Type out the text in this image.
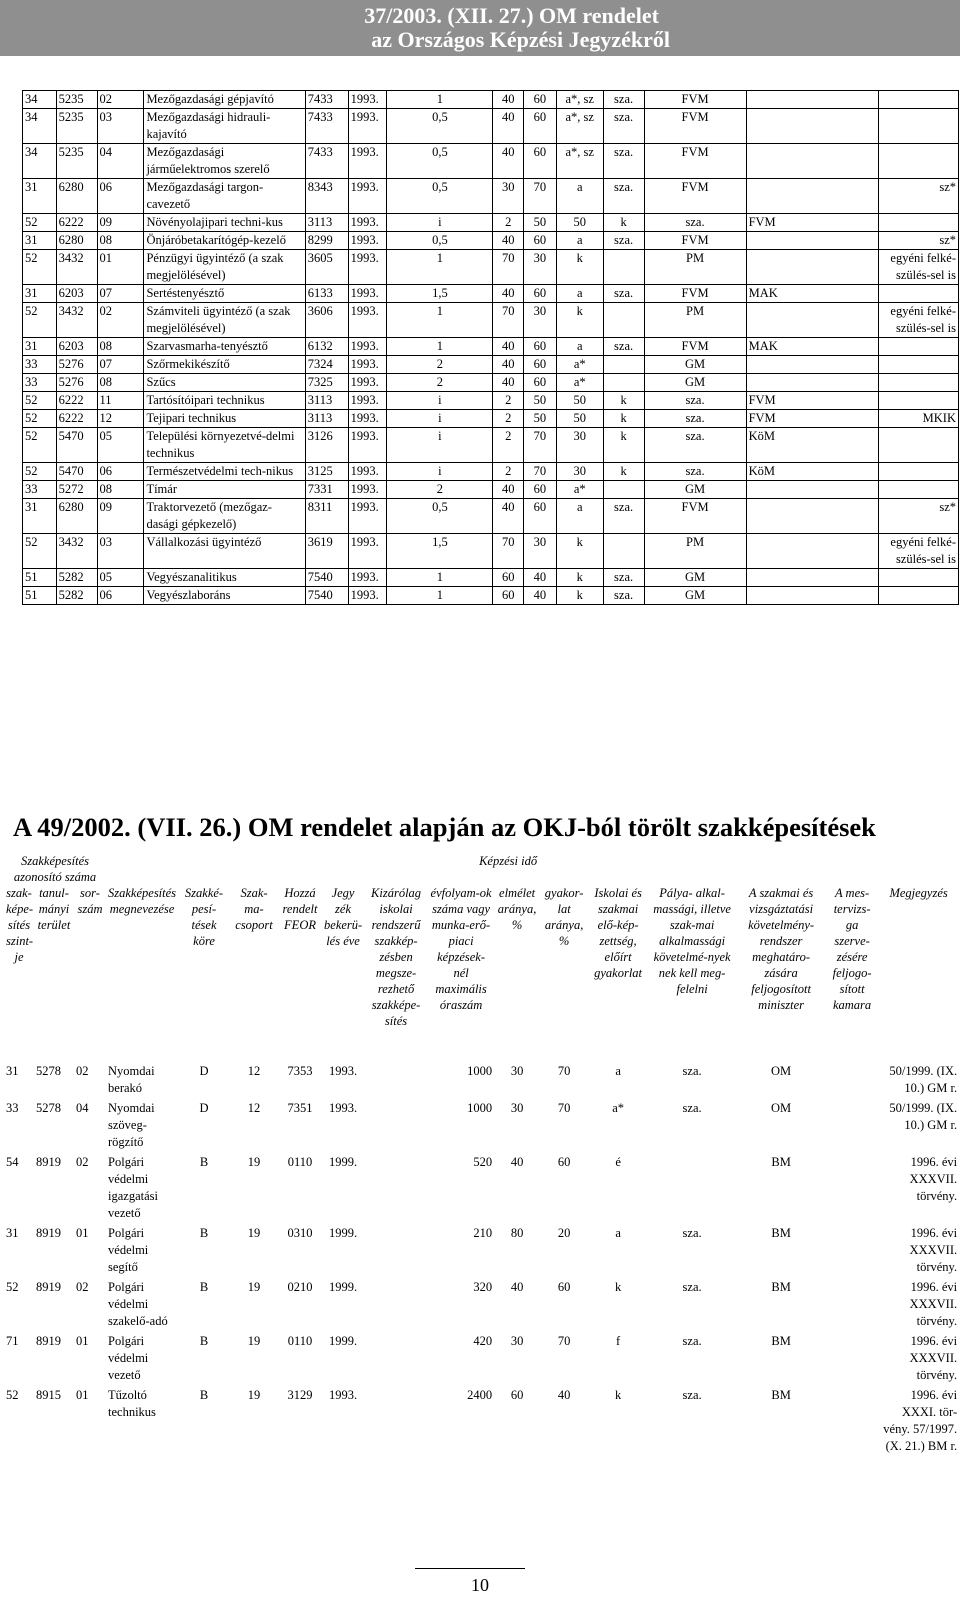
37/2003. (XII. 27.) OM rendelet
az Országos Képzési Jegyzékről
34	5235	02	Mezőgazdasági gépjavító	7433	1993.	1	40	60	a*, sz	sza.	FVM		
34	5235	03	Mezőgazdasági hidrauli-kajavító	7433	1993.	0,5	40	60	a*, sz	sza.	FVM		
34	5235	04	Mezőgazdasági járműelektromos szerelő	7433	1993.	0,5	40	60	a*, sz	sza.	FVM		
31	6280	06	Mezőgazdasági targon-cavezető	8343	1993.	0,5	30	70	a	sza.	FVM		sz*
52	6222	09	Növényolajipari techni-kus	3113	1993.	i	2	50	50	k	sza.	FVM	
31	6280	08	Önjáróbetakarítógép-kezelő	8299	1993.	0,5	40	60	a	sza.	FVM		sz*
52	3432	01	Pénzügyi ügyintéző (a szak megjelölésével)	3605	1993.	1	70	30	k		PM		egyéni felké-szülés-sel is
31	6203	07	Sertéstenyésztő	6133	1993.	1,5	40	60	a	sza.	FVM	MAK	
52	3432	02	Számviteli ügyintéző (a szak megjelölésével)	3606	1993.	1	70	30	k		PM		egyéni felké-szülés-sel is
31	6203	08	Szarvasmarha-tenyésztő	6132	1993.	1	40	60	a	sza.	FVM	MAK	
33	5276	07	Szőrmekikészítő	7324	1993.	2	40	60	a*		GM		
33	5276	08	Szűcs	7325	1993.	2	40	60	a*		GM		
52	6222	11	Tartósítóipari technikus	3113	1993.	i	2	50	50	k	sza.	FVM	
52	6222	12	Tejipari technikus	3113	1993.	i	2	50	50	k	sza.	FVM	MKIK
52	5470	05	Települési környezetvé-delmi technikus	3126	1993.	i	2	70	30	k	sza.	KöM	
52	5470	06	Természetvédelmi tech-nikus	3125	1993.	i	2	70	30	k	sza.	KöM	
33	5272	08	Tímár	7331	1993.	2	40	60	a*		GM		
31	6280	09	Traktorvezető (mezőgaz-dasági gépkezelő)	8311	1993.	0,5	40	60	a	sza.	FVM		sz*
52	3432	03	Vállalkozási ügyintéző	3619	1993.	1,5	70	30	k		PM		egyéni felké-szülés-sel is
51	5282	05	Vegyészanalitikus	7540	1993.	1	60	40	k	sza.	GM		
51	5282	06	Vegyészlaboráns	7540	1993.	1	60	40	k	sza.	GM		
A 49/2002. (VII. 26.) OM rendelet alapján az OKJ-ból törölt szakképesítések
Szakképesítés azonosító száma									Képzési idő							
szak-képe-sítés szint-je	tanul-mányi terület	sor-szám	Szakképesítés megnevezése	Szakké-pesí-tések köre	Szak-ma-csoport	Hozzá rendelt FEOR	Jegy zék bekerü-lés éve	Kizárólag iskolai rendszerű szakkép-zésben megsze-rezhető szakképe-sítés	évfolyam-ok száma vagy munka-erő- piaci képzések-nél maximális óraszám	elmélet aránya, %	gyakor-lat aránya, %	Iskolai és szakmai elő-kép-zettség, előírt gyakorlat	Pálya- alkal-massági, illetve szak-mai alkalmassági követelmé-nyek nek kell meg-felelni	A szakmai és vizsgáztatási követelmény-rendszer meghatáro-zására feljogosított miniszter	A mes-tervizs-ga szerve-zésére feljogo-sított kamara	Megjegyzés
31	5278	02	Nyomdai berakó	D	12	7353	1993.		1000	30	70	a	sza.	OM		50/1999. (IX. 10.) GM r.
33	5278	04	Nyomdai szöveg-rögzítő	D	12	7351	1993.		1000	30	70	a*	sza.	OM		50/1999. (IX. 10.) GM r.
54	8919	02	Polgári védelmi igazgatási vezető	B	19	0110	1999.		520	40	60	é		BM		1996. évi XXXVII. törvény.
31	8919	01	Polgári védelmi segítő	B	19	0310	1999.		210	80	20	a	sza.	BM		1996. évi XXXVII. törvény.
52	8919	02	Polgári védelmi szakelő-adó	B	19	0210	1999.		320	40	60	k	sza.	BM		1996. évi XXXVII. törvény.
71	8919	01	Polgári védelmi vezető	B	19	0110	1999.		420	30	70	f	sza.	BM		1996. évi XXXVII. törvény.
52	8915	01	Tűzoltó technikus	B	19	3129	1993.		2400	60	40	k	sza.	BM		1996. évi XXXI. tör-vény. 57/1997. (X. 21.) BM r.
10
